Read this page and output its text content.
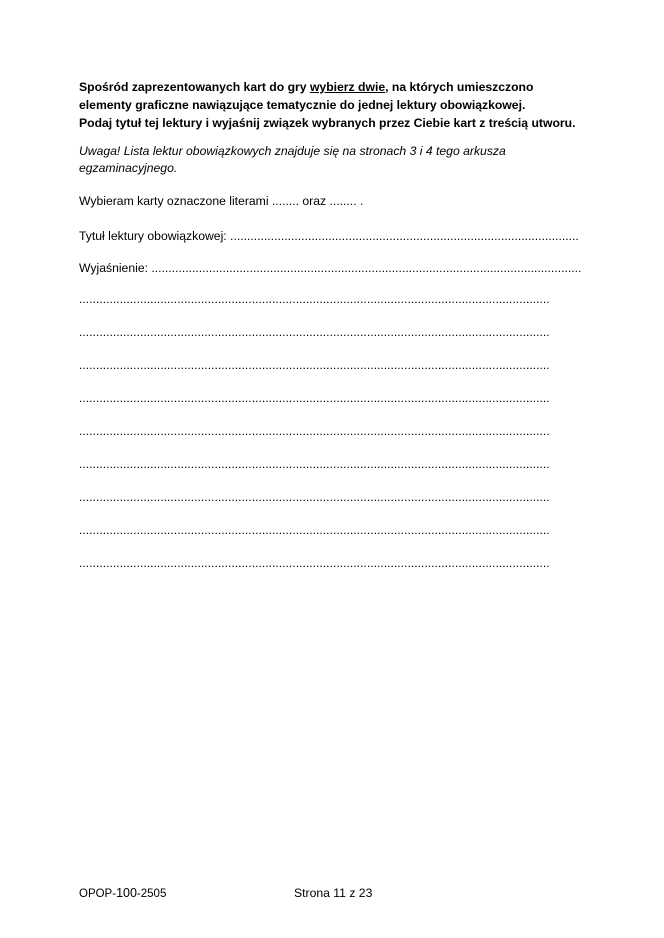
Spośród zaprezentowanych kart do gry wybierz dwie, na których umieszczono
elementy graficzne nawiązujące tematycznie do jednej lektury obowiązkowej.
Podaj tytuł tej lektury i wyjaśnij związek wybranych przez Ciebie kart z treścią utworu.
Uwaga! Lista lektur obowiązkowych znajduje się na stronach 3 i 4 tego arkusza
egzaminacyjnego.
Wybieram karty oznaczone literami ........ oraz ........ .
Tytuł lektury obowiązkowej: .......................................................................................................
Wyjaśnienie: ...............................................................................................................................
...........................................................................................................................................
...........................................................................................................................................
...........................................................................................................................................
...........................................................................................................................................
...........................................................................................................................................
...........................................................................................................................................
...........................................................................................................................................
...........................................................................................................................................
...........................................................................................................................................
OPOP-100-2505	Strona 11 z 23
